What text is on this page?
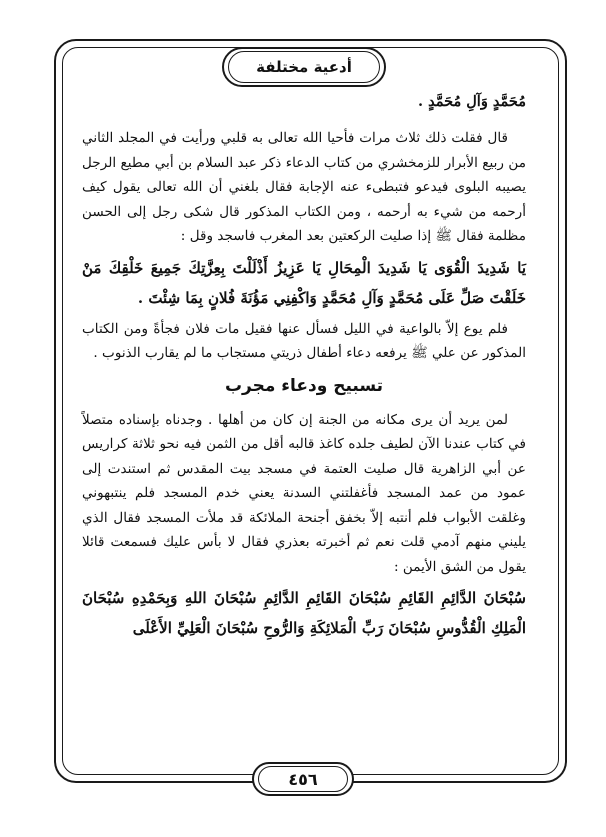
أدعية مختلفة

مُحَمَّدٍ وَآلِ مُحَمَّدٍ .

قال فقلت ذلك ثلاث مرات فأحيا الله تعالى به قلبي ورأيت في المجلد الثاني من ربيع الأبرار للزمخشري من كتاب الدعاء ذكر عبد السلام بن أبي مطيع الرجل يصيبه البلوى فيدعو فتبطىء عنه الإجابة فقال بلغني أن الله تعالى يقول كيف أرحمه من شيء به أرحمه ، ومن الكتاب المذكور قال شكى رجل إلى الحسن مظلمة فقال ﷺ إذا صليت الركعتين بعد المغرب فاسجد وقل :

يَا شَدِيدَ الْقُوَى يَا شَدِيدَ الْمِحَالِ يَا عَزِيزُ أَذْلَلْتَ بِعِزَّتِكَ جَمِيعَ خَلْقِكَ مَنْ خَلَقْتَ صَلِّ عَلَى مُحَمَّدٍ وَآلِ مُحَمَّدٍ وَاكْفِنِي مَؤُنَةَ فُلانٍ بِمَا شِئْتَ .

فلم يوع إلاّ بالواعية في الليل فسأل عنها فقيل مات فلان فجأةً ومن الكتاب المذكور عن علي ﷺ يرفعه دعاء أطفال ذريتي مستجاب ما لم يقارب الذنوب .

تسبيح ودعاء مجرب

لمن يريد أن يرى مكانه من الجنة إن كان من أهلها . وجدناه بإسناده متصلاً في كتاب عندنا الآن لطيف جلده كاغذ قالبه أقل من الثمن فيه نحو ثلاثة كراريس عن أبي الزاهرية قال صليت العتمة في مسجد بيت المقدس ثم استندت إلى عمود من عمد المسجد فأغفلتني السدنة يعني خدم المسجد فلم ينتبهوني وغلقت الأبواب فلم أنتبه إلاّ بخفق أجنحة الملائكة قد ملأت المسجد فقال الذي يليني منهم آدمي قلت نعم ثم أخبرته بعذري فقال لا بأس عليك فسمعت قائلا يقول من الشق الأيمن :

سُبْحَانَ الدَّائِمِ القَائِمِ سُبْحَانَ القَائِمِ الدَّائِمِ سُبْحَانَ اللهِ وَبِحَمْدِهِ سُبْحَانَ الْمَلِكِ الْقُدُّوسِ سُبْحَانَ رَبِّ الْمَلائِكَةِ وَالرُّوحِ سُبْحَانَ الْعَلِيِّ الأَعْلَى

٤٥٦
